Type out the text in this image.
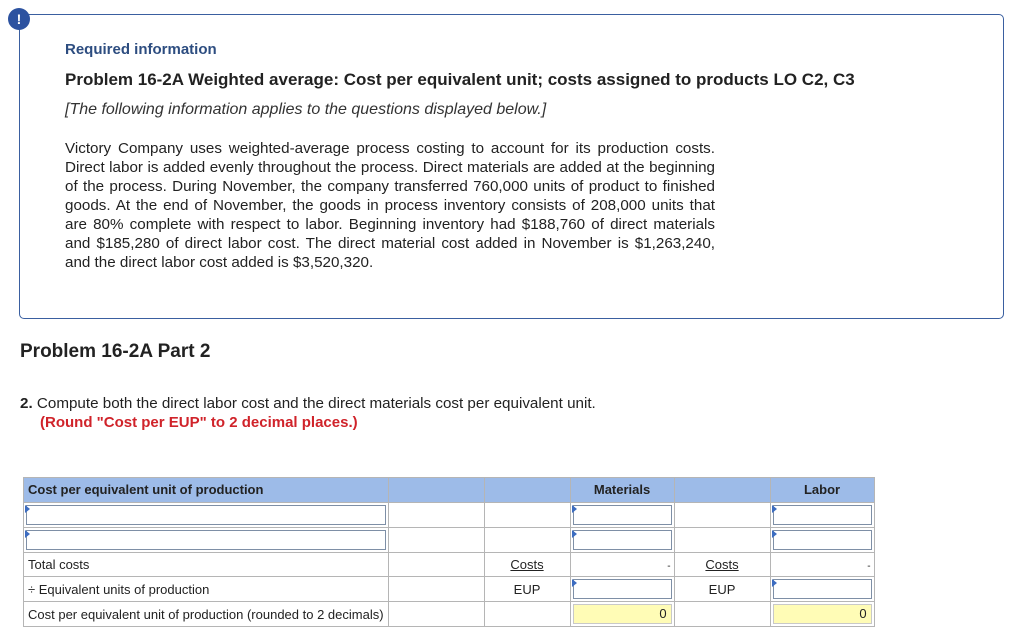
!
Required information
Problem 16-2A Weighted average: Cost per equivalent unit; costs assigned to products LO C2, C3
[The following information applies to the questions displayed below.]
Victory Company uses weighted-average process costing to account for its production costs. Direct labor is added evenly throughout the process. Direct materials are added at the beginning of the process. During November, the company transferred 760,000 units of product to finished goods. At the end of November, the goods in process inventory consists of 208,000 units that are 80% complete with respect to labor. Beginning inventory had $188,760 of direct materials and $185,280 of direct labor cost. The direct material cost added in November is $1,263,240, and the direct labor cost added is $3,520,320.
Problem 16-2A Part 2
2. Compute both the direct labor cost and the direct materials cost per equivalent unit.
(Round "Cost per EUP" to 2 decimal places.)
Cost per equivalent unit of production			Materials		Labor

Total costs		Costs	-	Costs	-

÷ Equivalent units of production		EUP		EUP	

Cost per equivalent unit of production (rounded to 2 decimals)			0		0
